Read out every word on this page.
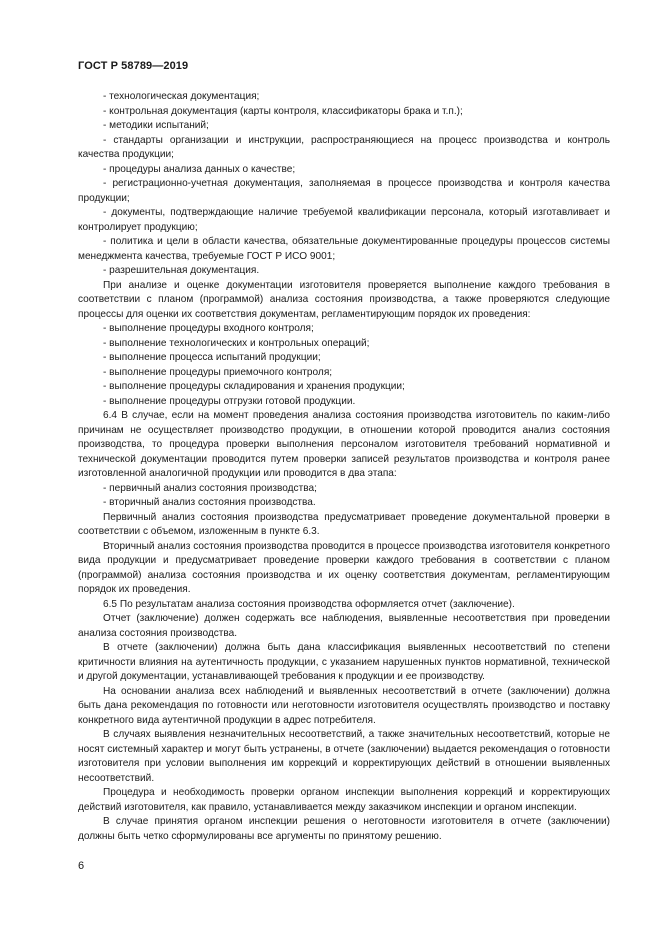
ГОСТ Р 58789—2019

- технологическая документация;

- контрольная документация (карты контроля, классификаторы брака и т.п.);

- методики испытаний;

- стандарты организации и инструкции, распространяющиеся на процесс производства и контроль качества продукции;

- процедуры анализа данных о качестве;

- регистрационно-учетная документация, заполняемая в процессе производства и контроля качества продукции;

- документы, подтверждающие наличие требуемой квалификации персонала, который изготавливает и контролирует продукцию;

- политика и цели в области качества, обязательные документированные процедуры процессов системы менеджмента качества, требуемые ГОСТ Р ИСО 9001;

- разрешительная документация.

При анализе и оценке документации изготовителя проверяется выполнение каждого требования в соответствии с планом (программой) анализа состояния производства, а также проверяются следующие процессы для оценки их соответствия документам, регламентирующим порядок их проведения:

- выполнение процедуры входного контроля;

- выполнение технологических и контрольных операций;

- выполнение процесса испытаний продукции;

- выполнение процедуры приемочного контроля;

- выполнение процедуры складирования и хранения продукции;

- выполнение процедуры отгрузки готовой продукции.

6.4 В случае, если на момент проведения анализа состояния производства изготовитель по каким-либо причинам не осуществляет производство продукции, в отношении которой проводится анализ состояния производства, то процедура проверки выполнения персоналом изготовителя требований нормативной и технической документации проводится путем проверки записей результатов производства и контроля ранее изготовленной аналогичной продукции или проводится в два этапа:

- первичный анализ состояния производства;

- вторичный анализ состояния производства.

Первичный анализ состояния производства предусматривает проведение документальной проверки в соответствии с объемом, изложенным в пункте 6.3.

Вторичный анализ состояния производства проводится в процессе производства изготовителя конкретного вида продукции и предусматривает проведение проверки каждого требования в соответствии с планом (программой) анализа состояния производства и их оценку соответствия документам, регламентирующим порядок их проведения.

6.5 По результатам анализа состояния производства оформляется отчет (заключение).

Отчет (заключение) должен содержать все наблюдения, выявленные несоответствия при проведении анализа состояния производства.

В отчете (заключении) должна быть дана классификация выявленных несоответствий по степени критичности влияния на аутентичность продукции, с указанием нарушенных пунктов нормативной, технической и другой документации, устанавливающей требования к продукции и ее производству.

На основании анализа всех наблюдений и выявленных несоответствий в отчете (заключении) должна быть дана рекомендация по готовности или неготовности изготовителя осуществлять производство и поставку конкретного вида аутентичной продукции в адрес потребителя.

В случаях выявления незначительных несоответствий, а также значительных несоответствий, которые не носят системный характер и могут быть устранены, в отчете (заключении) выдается рекомендация о готовности изготовителя при условии выполнения им коррекций и корректирующих действий в отношении выявленных несоответствий.

Процедура и необходимость проверки органом инспекции выполнения коррекций и корректирующих действий изготовителя, как правило, устанавливается между заказчиком инспекции и органом инспекции.

В случае принятия органом инспекции решения о неготовности изготовителя в отчете (заключении) должны быть четко сформулированы все аргументы по принятому решению.

6
